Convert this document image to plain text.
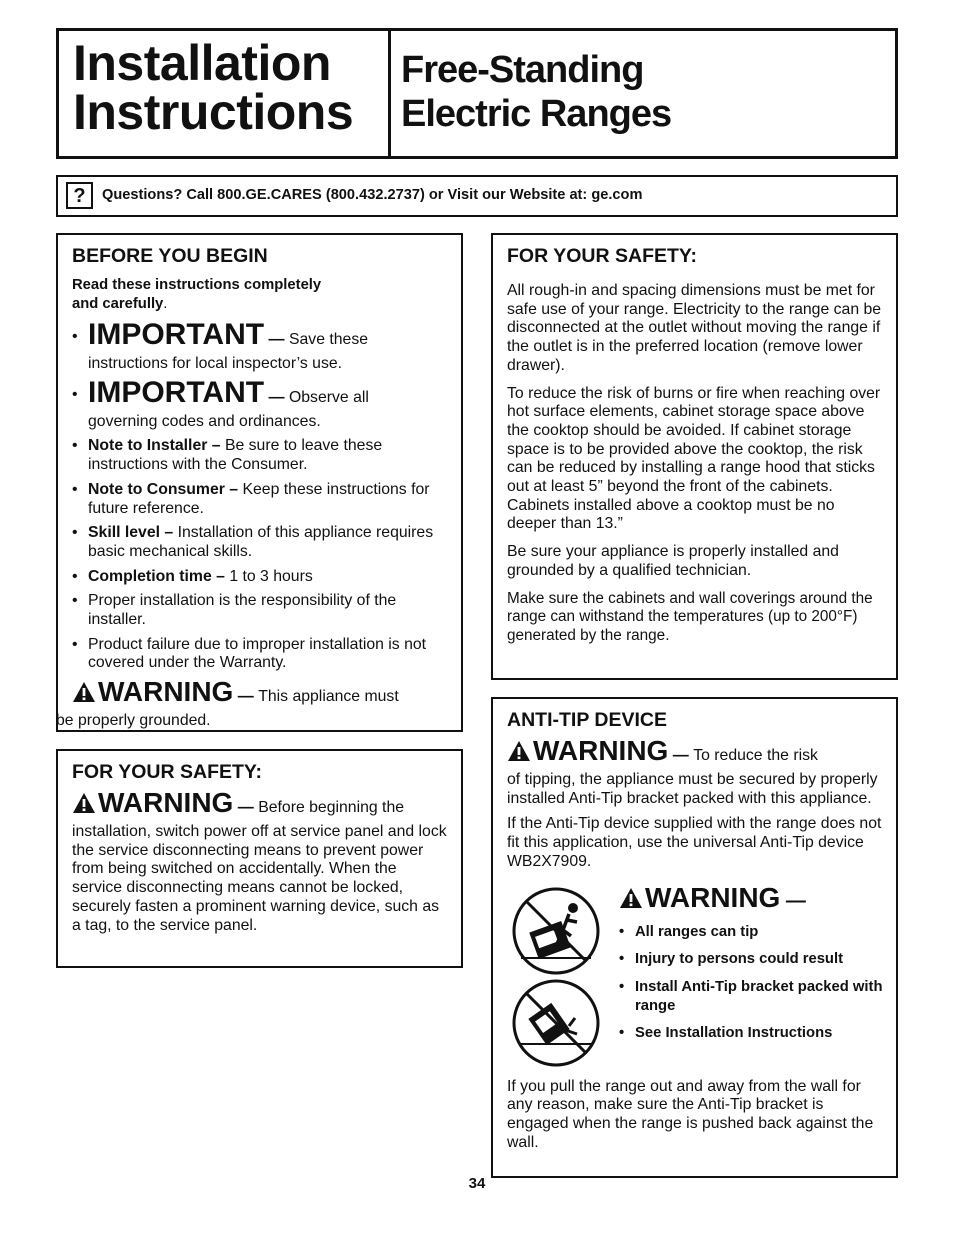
Installation
Instructions
Free-Standing
Electric Ranges
?	Questions? Call 800.GE.CARES (800.432.2737) or Visit our Website at: ge.com
BEFORE YOU BEGIN
Read these instructions completely
and carefully.
• IMPORTANT — Save these
instructions for local inspector’s use.
• IMPORTANT — Observe all
governing codes and ordinances.
• Note to Installer – Be sure to leave these instructions with the Consumer.
• Note to Consumer – Keep these instructions for future reference.
• Skill level – Installation of this appliance requires basic mechanical skills.
• Completion time – 1 to 3 hours
• Proper installation is the responsibility of the installer.
• Product failure due to improper installation is not covered under the Warranty.
WARNING — This appliance must
be properly grounded.
FOR YOUR SAFETY:
WARNING — Before beginning the
installation, switch power off at service panel and lock the service disconnecting means to prevent power from being switched on accidentally. When the service disconnecting means cannot be locked, securely fasten a prominent warning device, such as a tag, to the service panel.
FOR YOUR SAFETY:

All rough-in and spacing dimensions must be met for safe use of your range. Electricity to the range can be disconnected at the outlet without moving the range if the outlet is in the preferred location (remove lower drawer).

To reduce the risk of burns or fire when reaching over hot surface elements, cabinet storage space above the cooktop should be avoided. If cabinet storage space is to be provided above the cooktop, the risk can be reduced by installing a range hood that sticks out at least 5” beyond the front of the cabinets. Cabinets installed above a cooktop must be no deeper than 13.”

Be sure your appliance is properly installed and grounded by a qualified technician.

Make sure the cabinets and wall coverings around the range can withstand the temperatures (up to 200°F) generated by the range.

ANTI-TIP DEVICE
WARNING — To reduce the risk
of tipping, the appliance must be secured by properly installed Anti-Tip bracket packed with this appliance.

If the Anti-Tip device supplied with the range does not fit this application, use the universal Anti-Tip device WB2X7909.

WARNING —
• All ranges can tip
• Injury to persons could result
• Install Anti-Tip bracket packed with range
• See Installation Instructions

If you pull the range out and away from the wall for any reason, make sure the Anti-Tip bracket is engaged when the range is pushed back against the wall.

34
